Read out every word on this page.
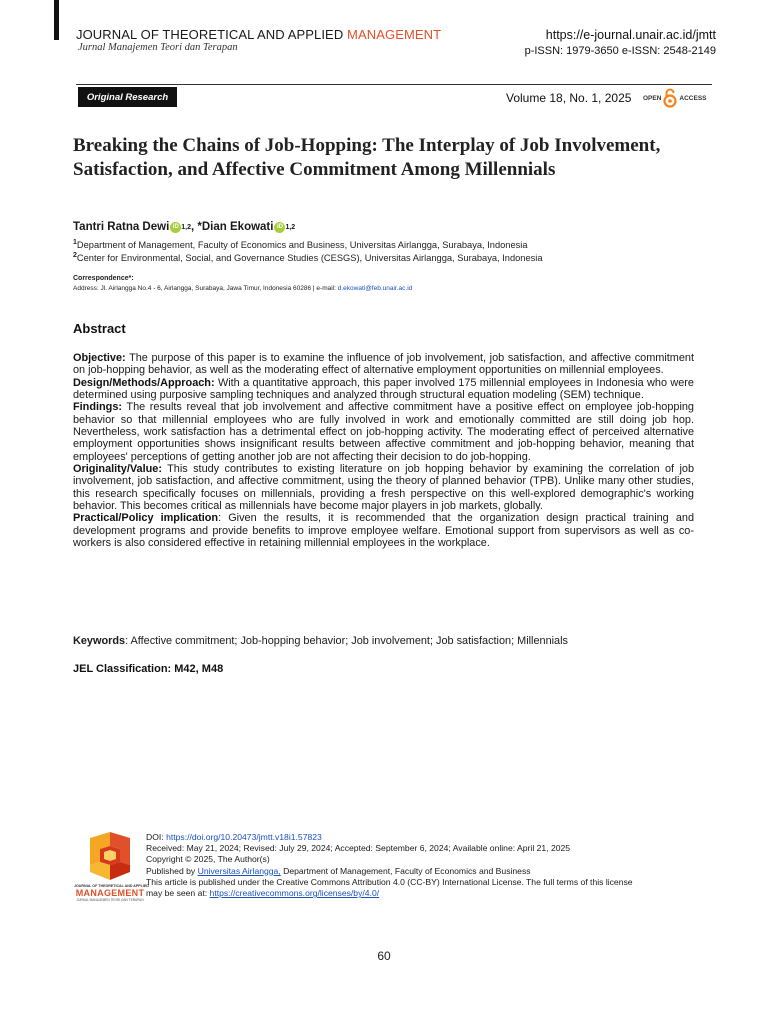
JOURNAL OF THEORETICAL AND APPLIED MANAGEMENT
Jurnal Manajemen Teori dan Terapan
https://e-journal.unair.ac.id/jmtt
p-ISSN: 1979-3650 e-ISSN: 2548-2149
Original Research	Volume 18, No. 1, 2025 OPEN	ACCESS
Breaking the Chains of Job-Hopping: The Interplay of Job Involvement, Satisfaction, and Affective Commitment Among Millennials
Tantri Ratna Dewi iD 1,2 , *Dian Ekowati iD 1,2
$^1$Department of Management, Faculty of Economics and Business, Universitas Airlangga, Surabaya, Indonesia
$^2$Center for Environmental, Social, and Governance Studies (CESGS), Universitas Airlangga, Surabaya, Indonesia
Correspondence*:
Address: Jl. Airlangga No.4 - 6, Airlangga, Surabaya, Jawa Timur, Indonesia 60286 | e-mail: d.ekowati@feb.unair.ac.id
Abstract
Objective: The purpose of this paper is to examine the influence of job involvement, job satisfaction, and affective commitment on job-hopping behavior, as well as the moderating effect of alternative employment opportunities on millennial employees.
Design/Methods/Approach: With a quantitative approach, this paper involved 175 millennial employees in Indonesia who were determined using purposive sampling techniques and analyzed through structural equation modeling (SEM) technique.
Findings: The results reveal that job involvement and affective commitment have a positive effect on employee job-hopping behavior so that millennial employees who are fully involved in work and emotionally committed are still doing job hop. Nevertheless, work satisfaction has a detrimental effect on job-hopping activity. The moderating effect of perceived alternative employment opportunities shows insignificant results between affective commitment and job-hopping behavior, meaning that employees' perceptions of getting another job are not affecting their decision to do job-hopping.
Originality/Value: This study contributes to existing literature on job hopping behavior by examining the correlation of job involvement, job satisfaction, and affective commitment, using the theory of planned behavior (TPB). Unlike many other studies, this research specifically focuses on millennials, providing a fresh perspective on this well-explored demographic's working behavior. This becomes critical as millennials have become major players in job markets, globally.
Practical/Policy implication: Given the results, it is recommended that the organization design practical training and development programs and provide benefits to improve employee welfare. Emotional support from supervisors as well as co-workers is also considered effective in retaining millennial employees in the workplace.
Keywords: Affective commitment; Job-hopping behavior; Job involvement; Job satisfaction; Millennials
JEL Classification: M42, M48
JOURNAL OF THEORETICAL AND APPLIED
MANAGEMENT
JURNAL MANAJEMEN TEORI DAN TERAPAN
DOI: https://doi.org/10.20473/jmtt.v18i1.57823
Received: May 21, 2024; Revised: July 29, 2024; Accepted: September 6, 2024; Available online: April 21, 2025
Copyright © 2025, The Author(s)
Published by Universitas Airlangga, Department of Management, Faculty of Economics and Business
This article is published under the Creative Commons Attribution 4.0 (CC-BY) International License. The full terms of this license
may be seen at: https://creativecommons.org/licenses/by/4.0/
60
